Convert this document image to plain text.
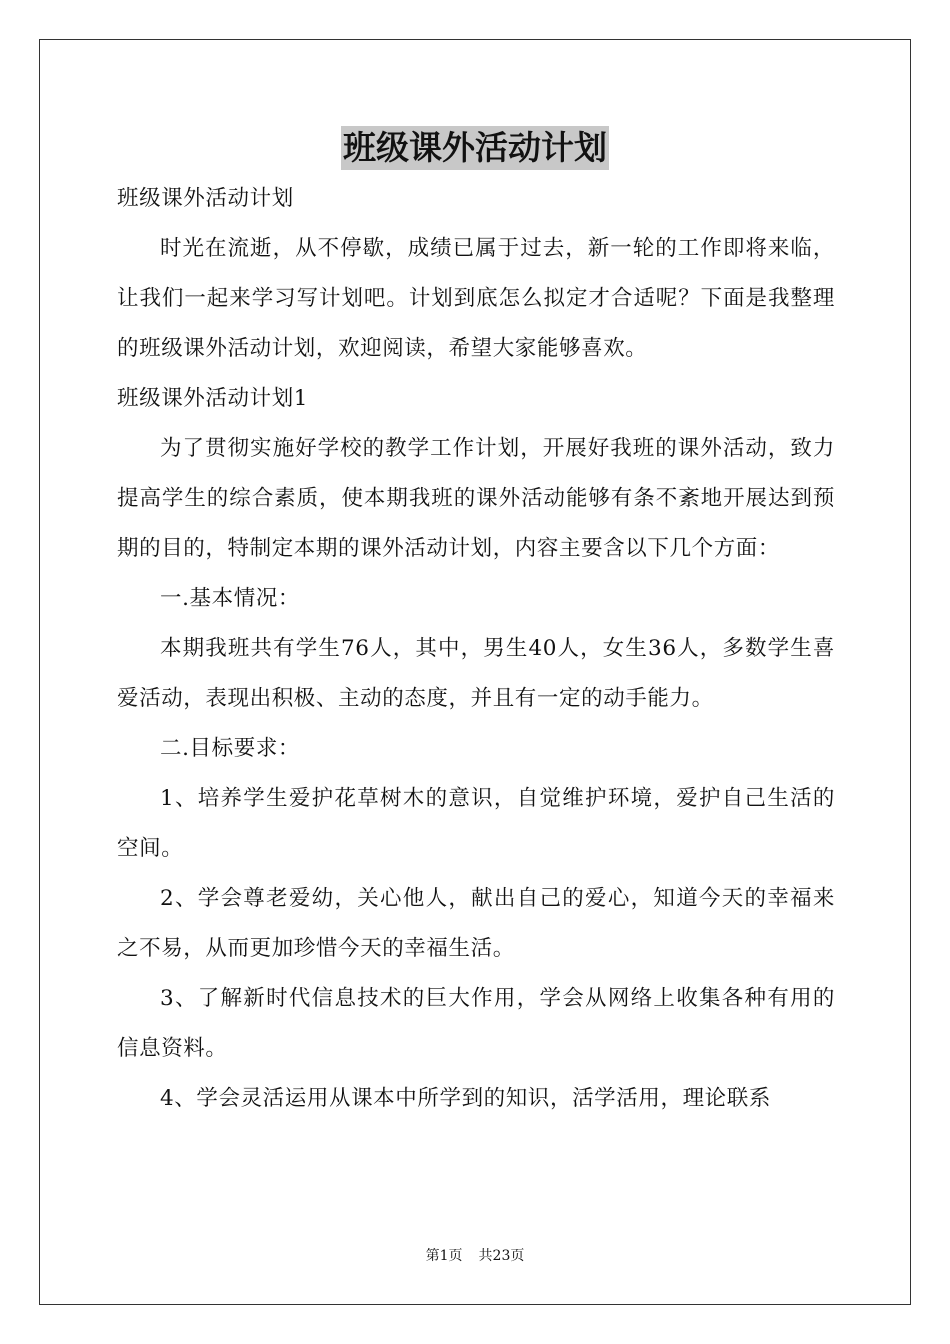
班级课外活动计划

班级课外活动计划

时光在流逝，从不停歇，成绩已属于过去，新一轮的工作即将来临，让我们一起来学习写计划吧。计划到底怎么拟定才合适呢？下面是我整理的班级课外活动计划，欢迎阅读，希望大家能够喜欢。

班级课外活动计划1

为了贯彻实施好学校的教学工作计划，开展好我班的课外活动，致力提高学生的综合素质，使本期我班的课外活动能够有条不紊地开展达到预期的目的，特制定本期的课外活动计划，内容主要含以下几个方面：

一.基本情况：

本期我班共有学生76人，其中，男生40人，女生36人，多数学生喜爱活动，表现出积极、主动的态度，并且有一定的动手能力。

二.目标要求：

1、培养学生爱护花草树木的意识，自觉维护环境，爱护自己生活的空间。

2、学会尊老爱幼，关心他人，献出自己的爱心，知道今天的幸福来之不易，从而更加珍惜今天的幸福生活。

3、了解新时代信息技术的巨大作用，学会从网络上收集各种有用的信息资料。

4、学会灵活运用从课本中所学到的知识，活学活用，理论联系

第1页 共23页
